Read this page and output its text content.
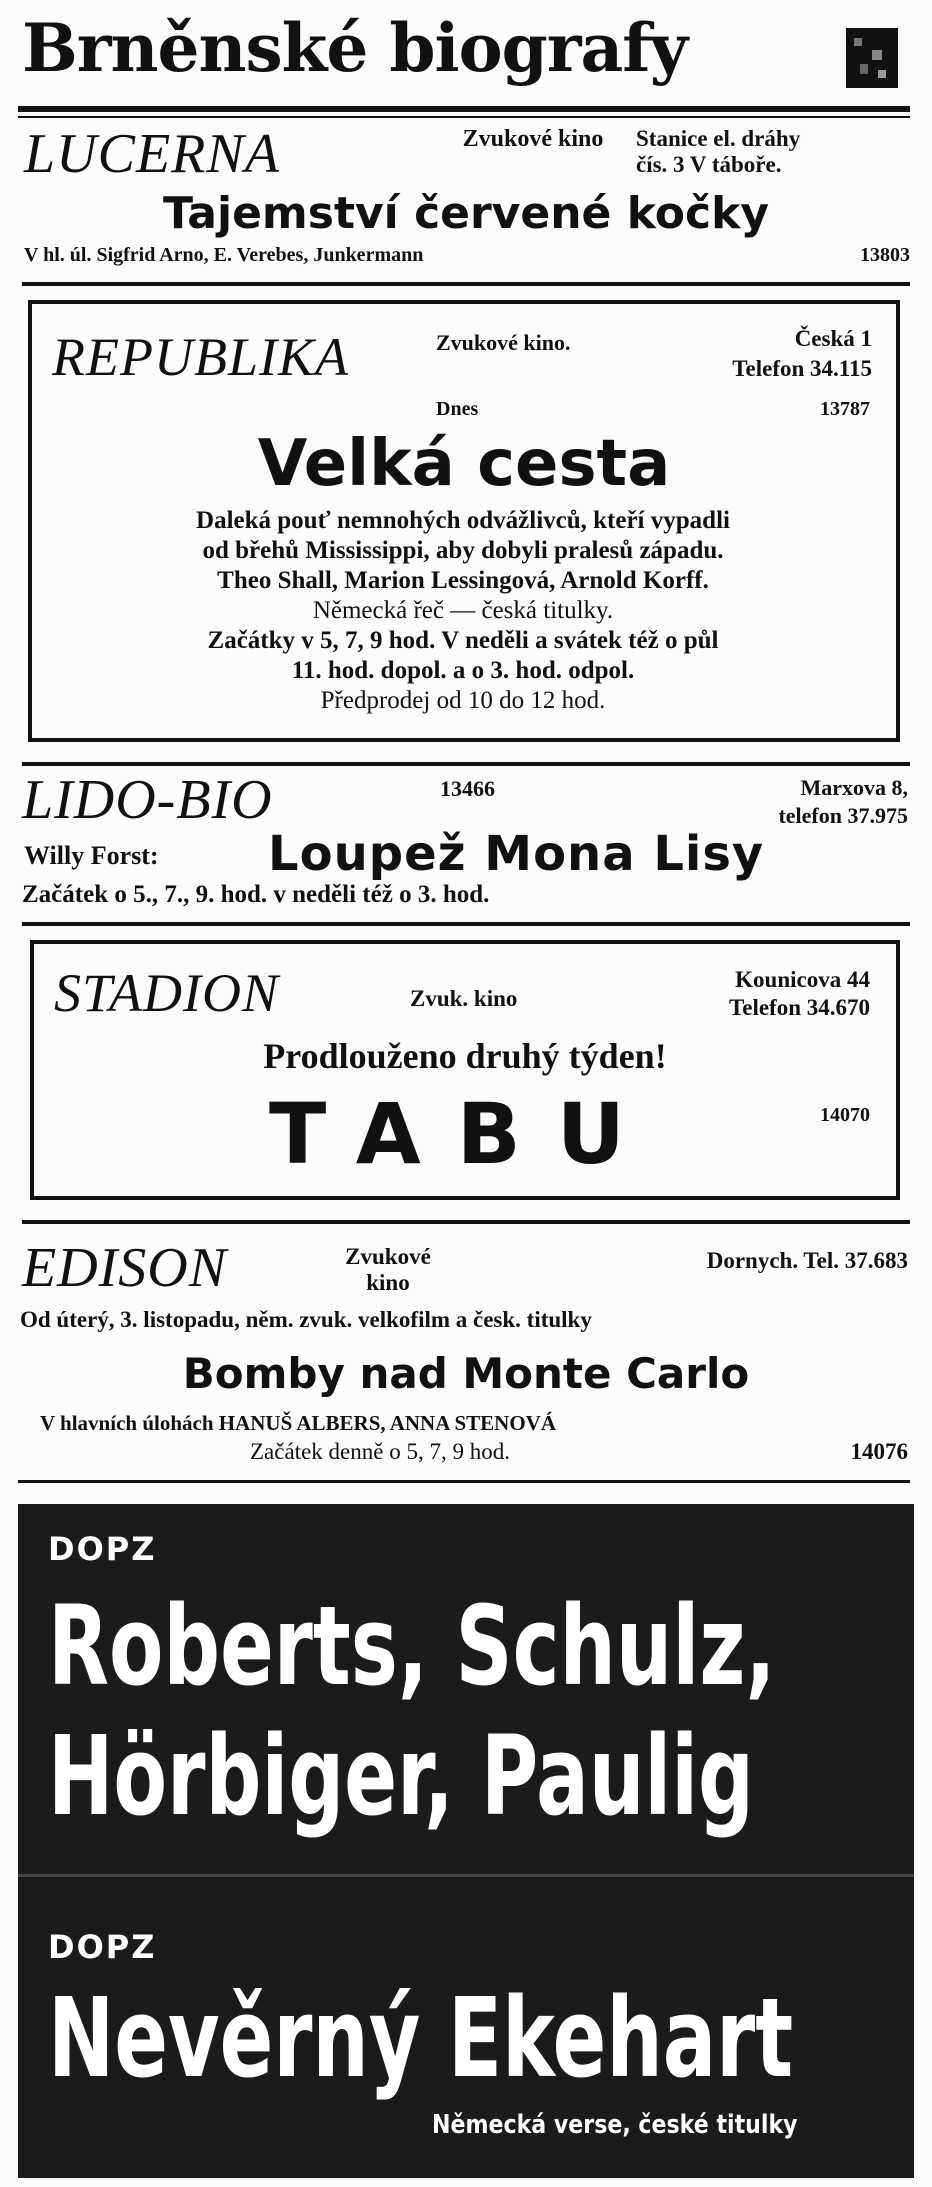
Brněnské biografy
LUCERNA	Zvukové kino	Stanice el. dráhy
čís. 3 V táboře.
Tajemství červené kočky
V hl. úl. Sigfrid Arno, E. Verebes, Junkermann	13803
REPUBLIKA	Zvukové kino.	Česká 1
Telefon 34.115
Dnes	13787
Velká cesta
Daleká pouť nemnohých odvážlivců, kteří vypadli
od břehů Mississippi, aby dobyli pralesů západu.
Theo Shall, Marion Lessingová, Arnold Korff.
Německá řeč — česká titulky.
Začátky v 5, 7, 9 hod. V neděli a svátek též o půl
11. hod. dopol. a o 3. hod. odpol.
Předprodej od 10 do 12 hod.
LIDO-BIO	13466	Marxova 8,
telefon 37.975
Willy Forst: Loupež Mona Lisy
Začátek o 5., 7., 9. hod. v neděli též o 3. hod.
STADION	Zvuk. kino
Kounicova 44
Telefon 34.670
Prodlouženo druhý týden!
TABU	14070
EDISON	Zvukové
kino
Dornych. Tel. 37.683
Od úterý, 3. listopadu, něm. zvuk. velkofilm a česk. titulky
Bomby nad Monte Carlo
V hlavních úlohách HANUŠ ALBERS, ANNA STENOVÁ
Začátek denně o 5, 7, 9 hod.	14076
DOPZ
Roberts, Schulz,
Hörbiger, Paulig
DOPZ
Nevěrný Ekehart
Německá verse, české titulky
